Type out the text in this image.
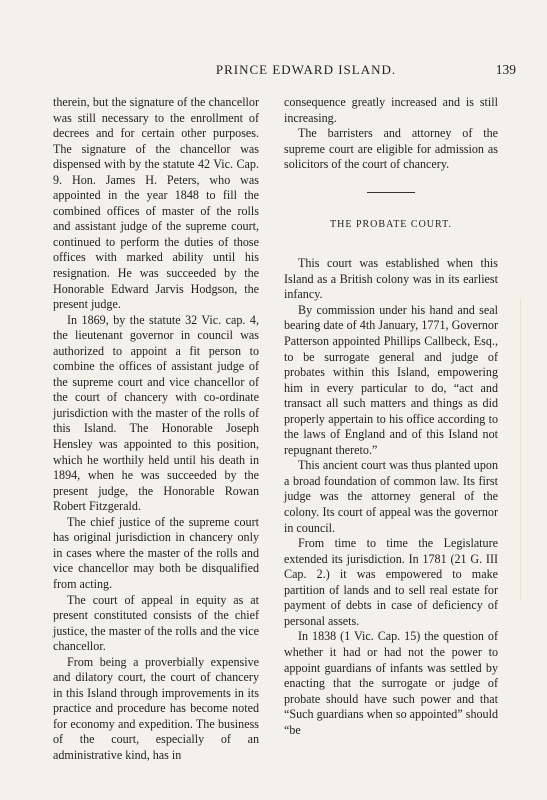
PRINCE EDWARD ISLAND.	139

therein, but the signature of the chancellor was still necessary to the enrollment of decrees and for certain other purposes. The signature of the chancellor was dispensed with by the statute 42 Vic. Cap. 9. Hon. James H. Peters, who was appointed in the year 1848 to fill the combined offices of master of the rolls and assistant judge of the supreme court, continued to perform the duties of those offices with marked ability until his resignation. He was succeeded by the Honorable Edward Jarvis Hodgson, the present judge.

In 1869, by the statute 32 Vic. cap. 4, the lieutenant governor in council was authorized to appoint a fit person to combine the offices of assistant judge of the supreme court and vice chancellor of the court of chancery with co-ordinate jurisdiction with the master of the rolls of this Island. The Honorable Joseph Hensley was appointed to this position, which he worthily held until his death in 1894, when he was succeeded by the present judge, the Honorable Rowan Robert Fitzgerald.

The chief justice of the supreme court has original jurisdiction in chancery only in cases where the master of the rolls and vice chancellor may both be disqualified from acting.

The court of appeal in equity as at present constituted consists of the chief justice, the master of the rolls and the vice chancellor.

From being a proverbially expensive and dilatory court, the court of chancery in this Island through improvements in its practice and procedure has become noted for economy and expedition. The business of the court, especially of an administrative kind, has in

consequence greatly increased and is still increasing.

The barristers and attorney of the supreme court are eligible for admission as solicitors of the court of chancery.

THE PROBATE COURT.

This court was established when this Island as a British colony was in its earliest infancy.

By commission under his hand and seal bearing date of 4th January, 1771, Governor Patterson appointed Phillips Callbeck, Esq., to be surrogate general and judge of probates within this Island, empowering him in every particular to do, “act and transact all such matters and things as did properly appertain to his office according to the laws of England and of this Island not repugnant thereto.”

This ancient court was thus planted upon a broad foundation of common law. Its first judge was the attorney general of the colony. Its court of appeal was the governor in council.

From time to time the Legislature extended its jurisdiction. In 1781 (21 G. III Cap. 2.) it was empowered to make partition of lands and to sell real estate for payment of debts in case of deficiency of personal assets.

In 1838 (1 Vic. Cap. 15) the question of whether it had or had not the power to appoint guardians of infants was settled by enacting that the surrogate or judge of probate should have such power and that “Such guardians when so appointed” should “be
